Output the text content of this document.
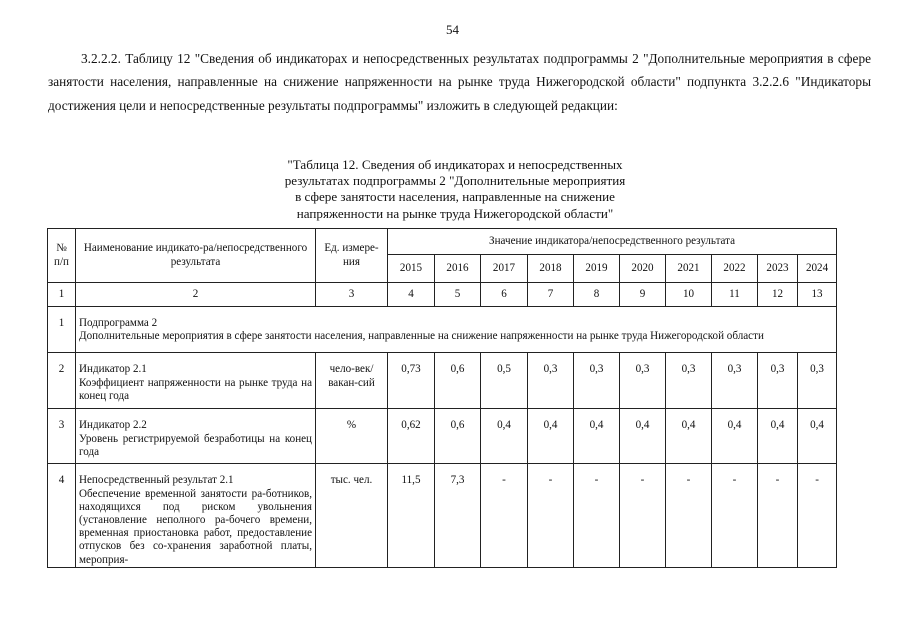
54

3.2.2.2. Таблицу 12 "Сведения об индикаторах и непосредственных результатах подпрограммы 2 "Дополнительные мероприятия в сфере занятости населения, направленные на снижение напряженности на рынке труда Нижегородской области" подпункта 3.2.2.6 "Индикаторы достижения цели и непосредственные результаты подпрограммы" изложить в следующей редакции:

"Таблица 12. Сведения об индикаторах и непосредственных
результатах подпрограммы 2 "Дополнительные мероприятия
в сфере занятости населения, направленные на снижение
напряженности на рынке труда Нижегородской области"
№ п/п	Наименование индикато-ра/непосредственного результата	Ед. измере-ния	Значение индикатора/непосредственного результата									
			2015	2016	2017	2018	2019	2020	2021	2022	2023	2024
1	2	3	4	5	6	7	8	9	10	11	12	13
1	Подпрограмма 2
Дополнительные мероприятия в сфере занятости населения, направленные на снижение напряженности на рынке труда Нижегородской области											

2	Индикатор 2.1
Коэффициент напряженности на рынке труда на конец года	чело-век/вакан-сий	0,73	0,6	0,5	0,3	0,3	0,3	0,3	0,3	0,3	0,3
3	Индикатор 2.2
Уровень регистрируемой безработицы на конец года	%	0,62	0,6	0,4	0,4	0,4	0,4	0,4	0,4	0,4	0,4
4	Непосредственный результат 2.1
Обеспечение временной занятости ра-ботников, находящихся под риском увольнения (установление неполного ра-бочего времени, временная приостановка работ, предоставление отпусков без со-хранения заработной платы, мероприя-	тыс. чел.	11,5	7,3	-	-	-	-	-	-	-	-
